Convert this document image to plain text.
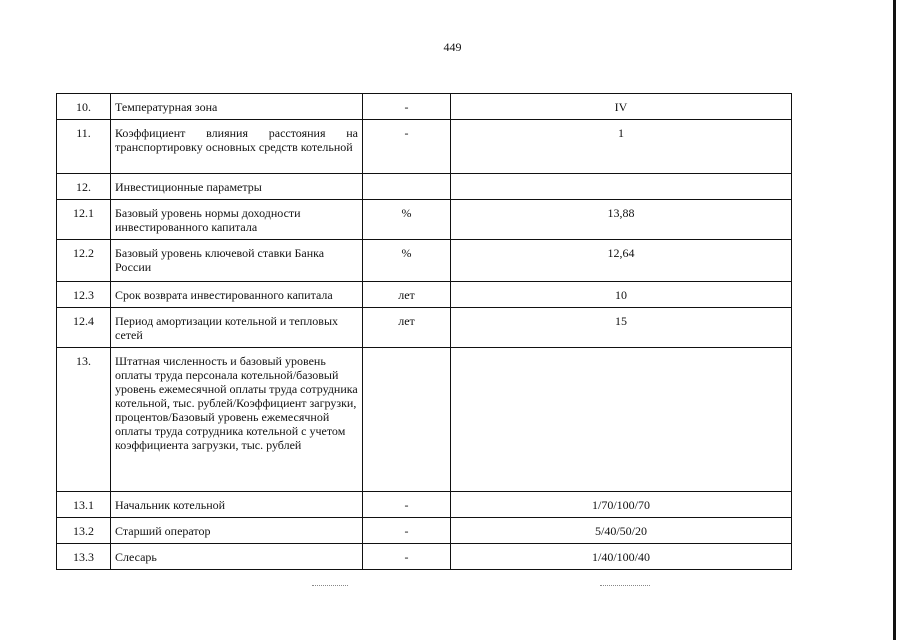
449
10.	Температурная зона	-	IV
11.	Коэффициент влияния расстояния на транспортировку основных средств котельной	-	1
12.	Инвестиционные параметры		
12.1	Базовый уровень нормы доходности инвестированного капитала	%	13,88
12.2	Базовый уровень ключевой ставки Банка России	%	12,64
12.3	Срок возврата инвестированного капитала	лет	10
12.4	Период амортизации котельной и тепловых сетей	лет	15
13.	Штатная численность и базовый уровень оплаты труда персонала котельной/базовый уровень ежемесячной оплаты труда сотрудника котельной, тыс. рублей/Коэффициент загрузки, процентов/Базовый уровень ежемесячной оплаты труда сотрудника котельной с учетом коэффициента загрузки, тыс. рублей		
13.1	Начальник котельной	-	1/70/100/70
13.2	Старший оператор	-	5/40/50/20
13.3	Слесарь	-	1/40/100/40
